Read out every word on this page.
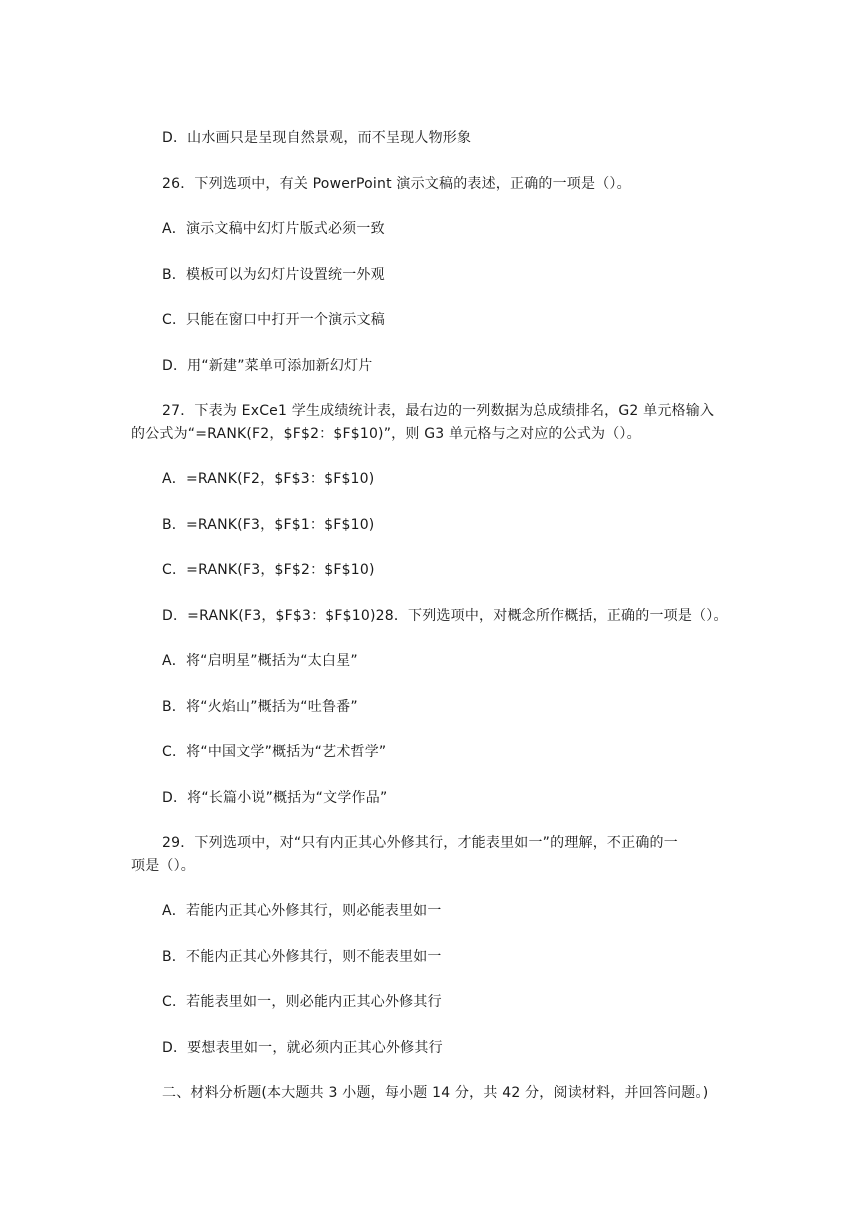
D．山水画只是呈现自然景观，而不呈现人物形象
26．下列选项中，有关 PowerPoint 演示文稿的表述，正确的一项是（）。
A．演示文稿中幻灯片版式必须一致
B．模板可以为幻灯片设置统一外观
C．只能在窗口中打开一个演示文稿
D．用“新建”菜单可添加新幻灯片
27．下表为 ExCe1 学生成绩统计表，最右边的一列数据为总成绩排名，G2 单元格输入
的公式为“=RANK(F2，$F$2：$F$10)”，则 G3 单元格与之对应的公式为（）。
A．=RANK(F2，$F$3：$F$10)
B．=RANK(F3，$F$1：$F$10)
C．=RANK(F3，$F$2：$F$10)
D．=RANK(F3，$F$3：$F$10)28．下列选项中，对概念所作概括，正确的一项是（）。
A．将“启明星”概括为“太白星”
B．将“火焰山”概括为“吐鲁番”
C．将“中国文学”概括为“艺术哲学”
D．将“长篇小说”概括为“文学作品”
29．下列选项中，对“只有内正其心外修其行，才能表里如一”的理解，不正确的一
项是（）。
A．若能内正其心外修其行，则必能表里如一
B．不能内正其心外修其行，则不能表里如一
C．若能表里如一，则必能内正其心外修其行
D．要想表里如一，就必须内正其心外修其行
二、材料分析题(本大题共 3 小题，每小题 14 分，共 42 分，阅读材料，并回答问题。)
